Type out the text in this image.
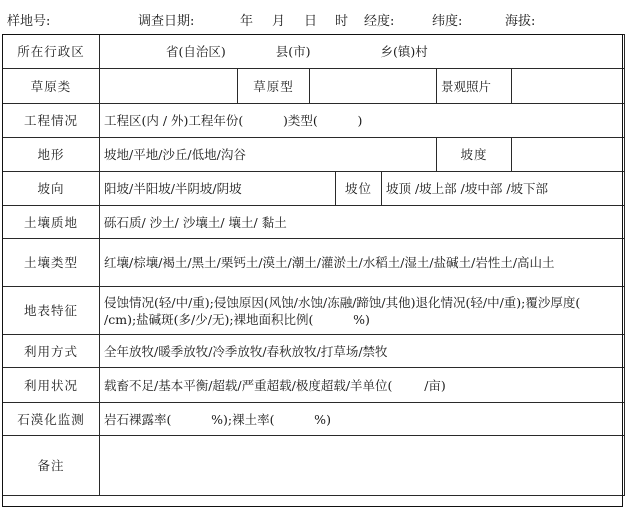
样地号:	调查日期:	年 月 日 时 经度:	纬度:	海拔:
所在行政区	省(自治区) 县(市) 乡(镇)村						
草原类		草原型				景观照片	
工程情况	工程区(内 / 外)工程年份(          )类型(          )						
地形	坡地/平地/沙丘/低地/沟谷					坡度	
坡向	阳坡/半阳坡/半阴坡/阴坡			坡位	坡顶 /坡上部 /坡中部 /坡下部		
土壤质地	砾石质/ 沙土/ 沙壤土/ 壤土/ 黏土						
土壤类型	红壤/棕壤/褐土/黑土/栗钙土/漠土/潮土/灌淤土/水稻土/湿土/盐碱土/岩性土/高山土						
地表特征	侵蚀情况(轻/中/重);侵蚀原因(风蚀/水蚀/冻融/蹄蚀/其他)退化情况(轻/中/重);覆沙厚度(        /cm);盐碱斑(多/少/无);裸地面积比例(          %)						
利用方式	全年放牧/暖季放牧/冷季放牧/春秋放牧/打草场/禁牧						
利用状况	载畜不足/基本平衡/超载/严重超载/极度超载/羊单位(        /亩)						
石漠化监测	岩石裸露率(          %);裸土率(          %)						
备注							
